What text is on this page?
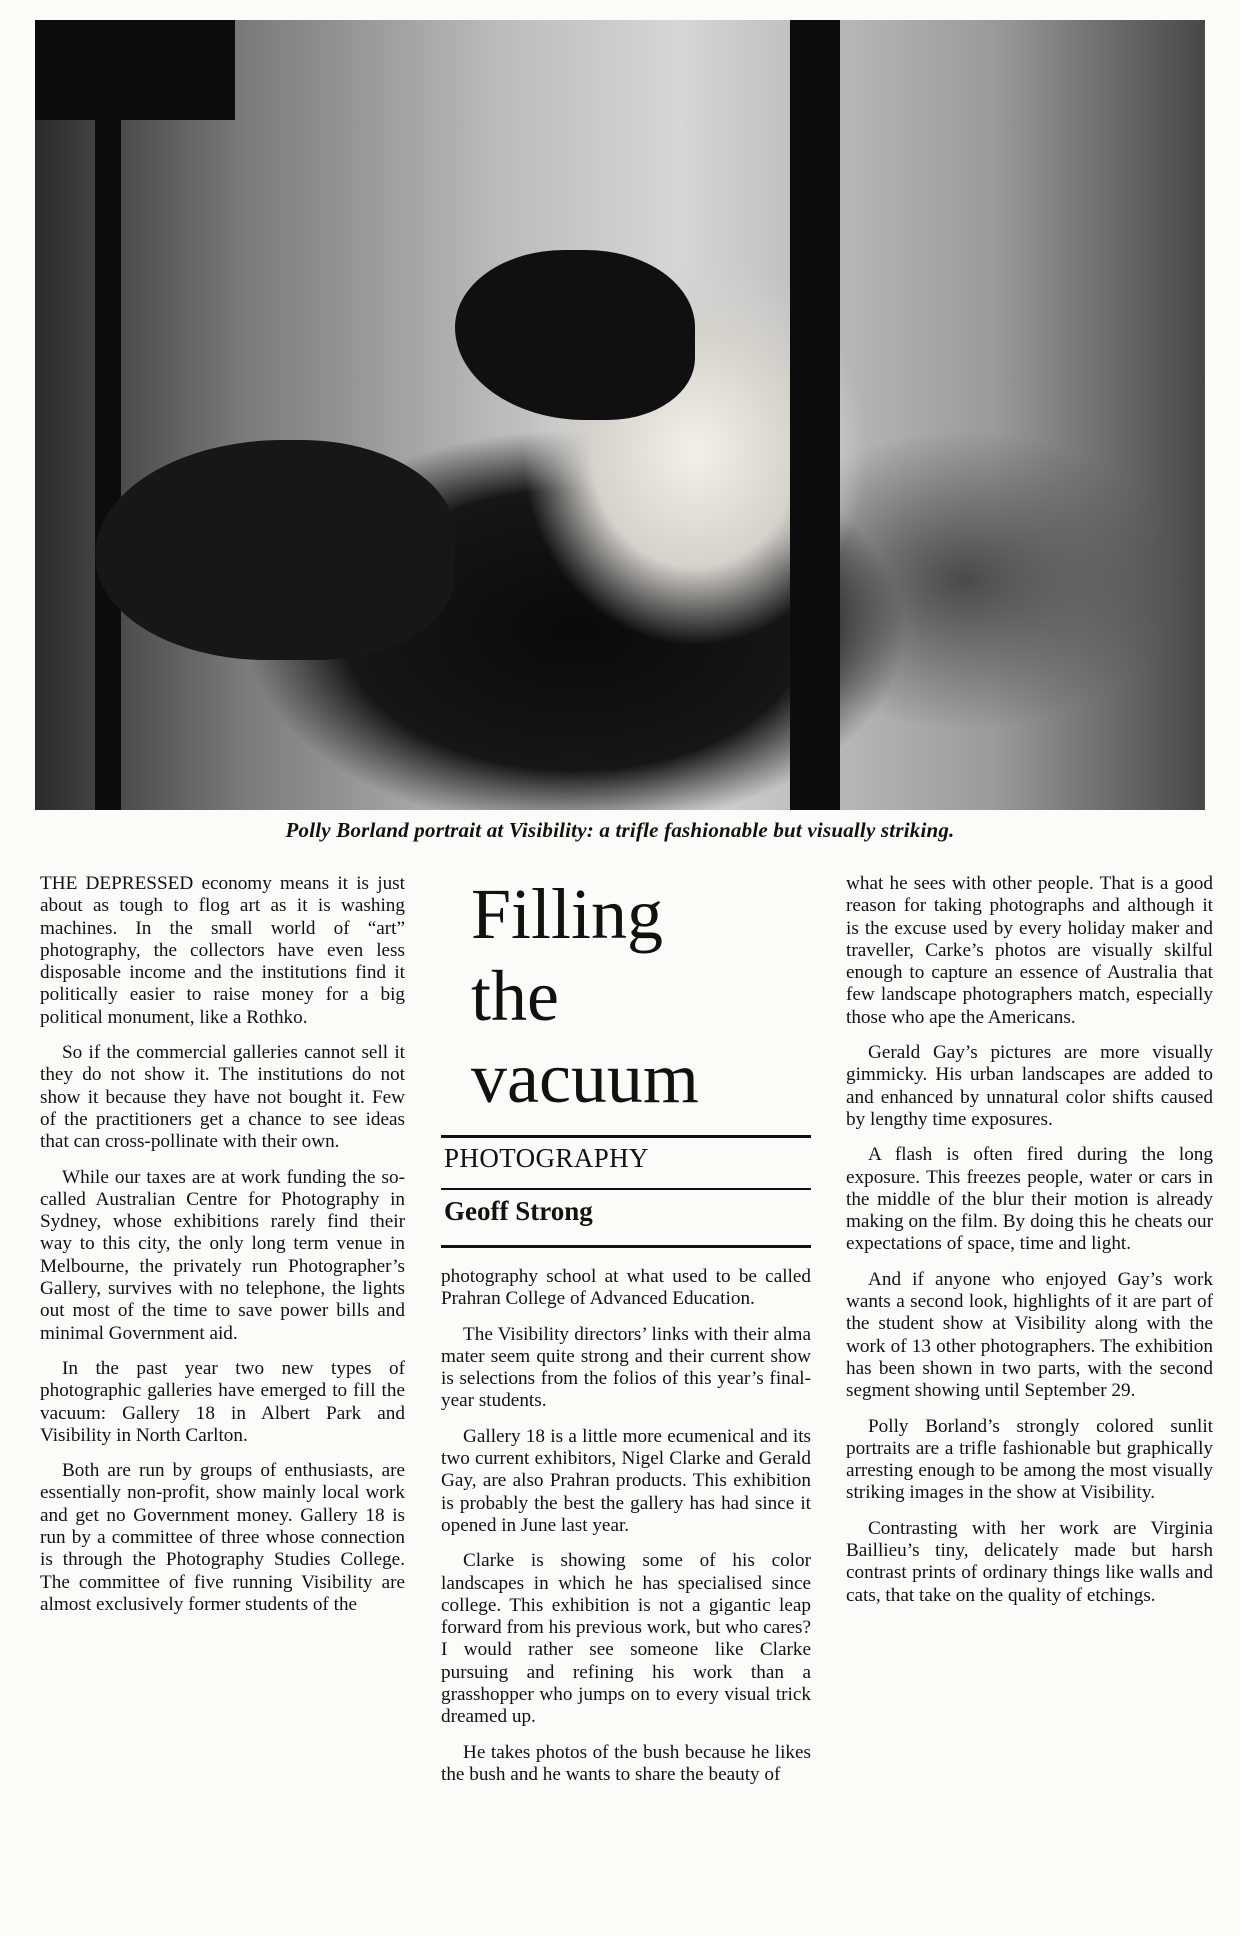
Polly Borland portrait at Visibility: a trifle fashionable but visually striking.

THE DEPRESSED economy means it is just about as tough to flog art as it is washing machines. In the small world of “art” photography, the collectors have even less disposable income and the institutions find it politically easier to raise money for a big political monument, like a Rothko.

So if the commercial galleries cannot sell it they do not show it. The institutions do not show it because they have not bought it. Few of the practitioners get a chance to see ideas that can cross-pollinate with their own.

While our taxes are at work funding the so-called Australian Centre for Photography in Sydney, whose exhibitions rarely find their way to this city, the only long term venue in Melbourne, the privately run Photographer’s Gallery, survives with no telephone, the lights out most of the time to save power bills and minimal Government aid.

In the past year two new types of photographic galleries have emerged to fill the vacuum: Gallery 18 in Albert Park and Visibility in North Carlton.

Both are run by groups of enthusiasts, are essentially non-profit, show mainly local work and get no Government money. Gallery 18 is run by a committee of three whose connection is through the Photography Studies College. The committee of five running Visibility are almost exclusively former students of the

Filling
the
vacuum
PHOTOGRAPHY
Geoff Strong

photography school at what used to be called Prahran College of Advanced Education.

The Visibility directors’ links with their alma mater seem quite strong and their current show is selections from the folios of this year’s final-year students.

Gallery 18 is a little more ecumenical and its two current exhibitors, Nigel Clarke and Gerald Gay, are also Prahran products. This exhibition is probably the best the gallery has had since it opened in June last year.

Clarke is showing some of his color landscapes in which he has specialised since college. This exhibition is not a gigantic leap forward from his previous work, but who cares? I would rather see someone like Clarke pursuing and refining his work than a grasshopper who jumps on to every visual trick dreamed up.

He takes photos of the bush because he likes the bush and he wants to share the beauty of

what he sees with other people. That is a good reason for taking photographs and although it is the excuse used by every holiday maker and traveller, Carke’s photos are visually skilful enough to capture an essence of Australia that few landscape photographers match, especially those who ape the Americans.

Gerald Gay’s pictures are more visually gimmicky. His urban landscapes are added to and enhanced by unnatural color shifts caused by lengthy time exposures.

A flash is often fired during the long exposure. This freezes people, water or cars in the middle of the blur their motion is already making on the film. By doing this he cheats our expectations of space, time and light.

And if anyone who enjoyed Gay’s work wants a second look, highlights of it are part of the student show at Visibility along with the work of 13 other photographers. The exhibition has been shown in two parts, with the second segment showing until September 29.

Polly Borland’s strongly colored sunlit portraits are a trifle fashionable but graphically arresting enough to be among the most visually striking images in the show at Visibility.

Contrasting with her work are Virginia Baillieu’s tiny, delicately made but harsh contrast prints of ordinary things like walls and cats, that take on the quality of etchings.
